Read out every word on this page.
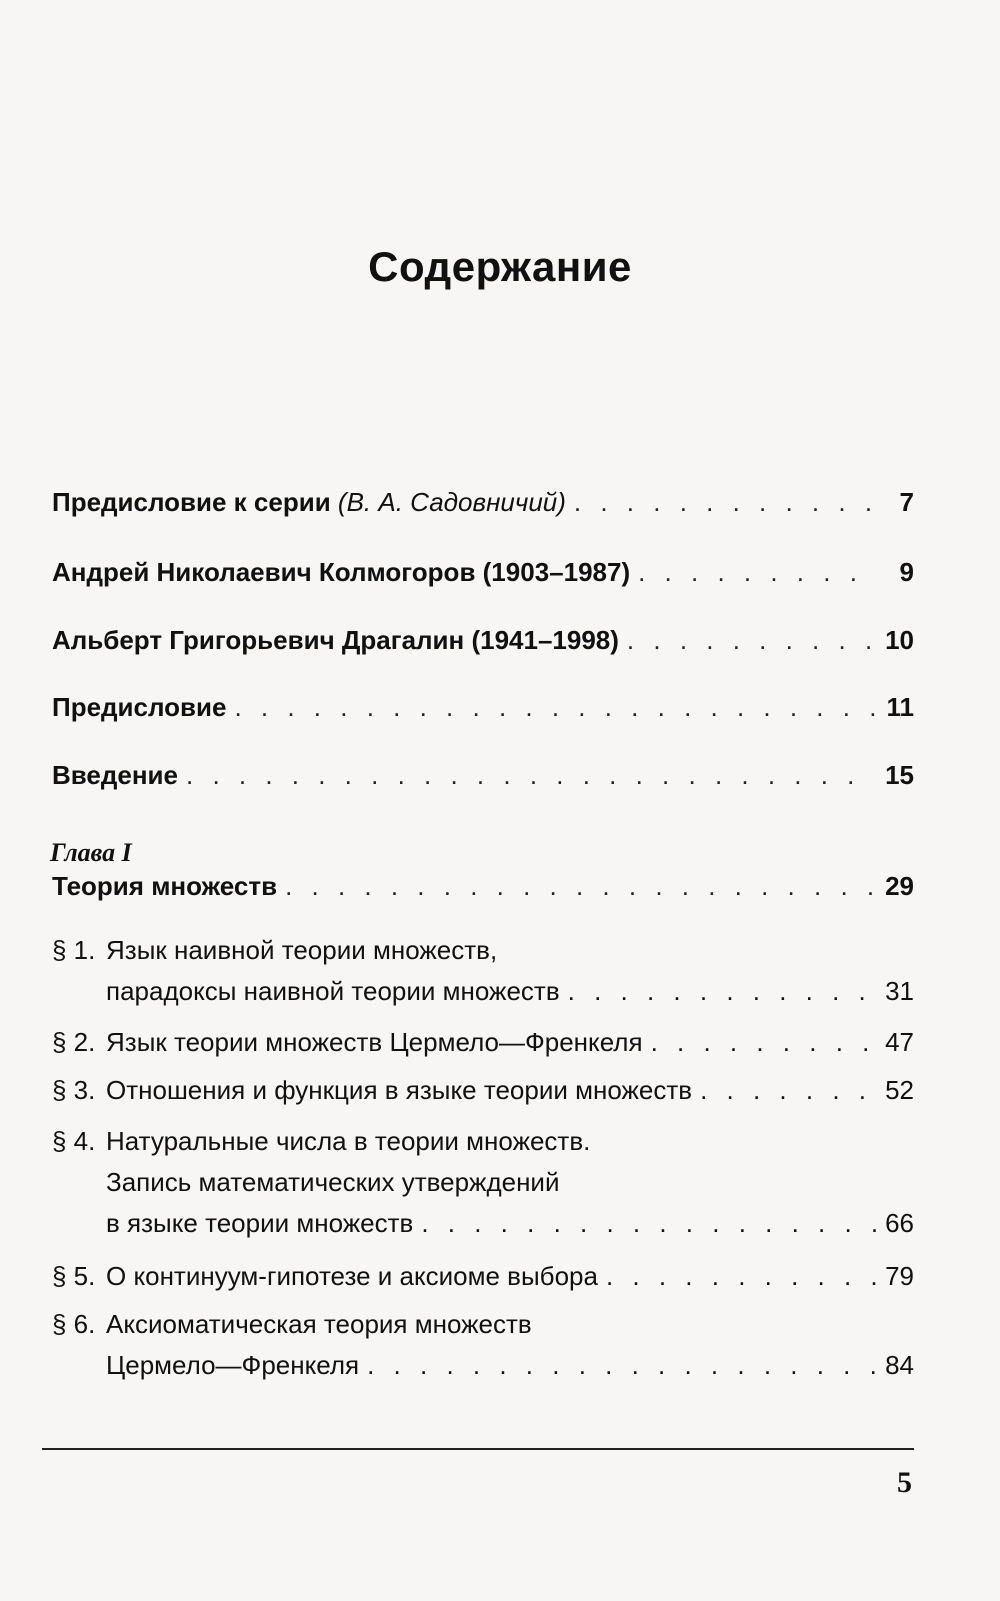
Содержание
Предисловие к серии (В. А. Садовничий) . . .	7
Андрей Николаевич Колмогоров (1903–1987) . . .	9
Альберт Григорьевич Драгалин (1941–1998) . . .	10
Предисловие . . .	11
Введение . . .	15
Глава I
Теория множеств . . .	29
§ 1. Язык наивной теории множеств,
парадоксы наивной теории множеств . . .	31
§ 2. Язык теории множеств Цермело—Френкеля . . .	47
§ 3. Отношения и функция в языке теории множеств . . .	52
§ 4. Натуральные числа в теории множеств.
Запись математических утверждений
в языке теории множеств . . .	66
§ 5. О континуум-гипотезе и аксиоме выбора . . .	79
§ 6. Аксиоматическая теория множеств
Цермело—Френкеля . . .	84
5
